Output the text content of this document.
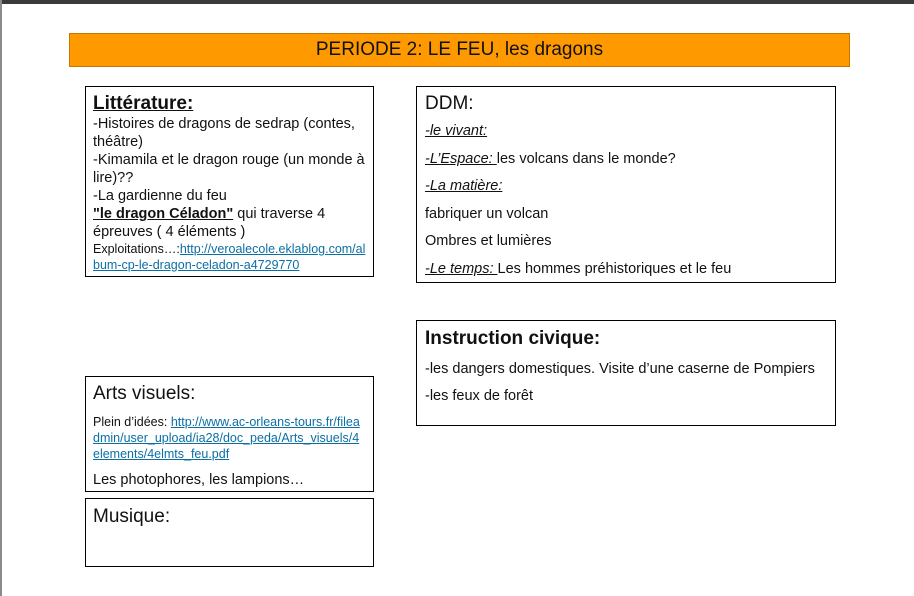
PERIODE 2: LE FEU, les dragons

Littérature:

-Histoires de dragons de sedrap (contes, théâtre)

-Kimamila et le dragon rouge (un monde à lire)??

-La gardienne du feu

"le dragon Céladon" qui traverse 4 épreuves ( 4 éléments )

Exploitations…:http://veroalecole.eklablog.com/album-cp-le-dragon-celadon-a4729770

DDM:

-le vivant:

-L’Espace: les volcans dans le monde?

-La matière:

fabriquer un volcan

Ombres et lumières

-Le temps: Les hommes préhistoriques et le feu

Instruction civique:

-les dangers domestiques. Visite d’une caserne de Pompiers

-les feux de forêt

Arts visuels:

Plein d’idées: http://www.ac-orleans-tours.fr/fileadmin/user_upload/ia28/doc_peda/Arts_visuels/4elements/4elmts_feu.pdf

Les photophores, les lampions…

Musique:
